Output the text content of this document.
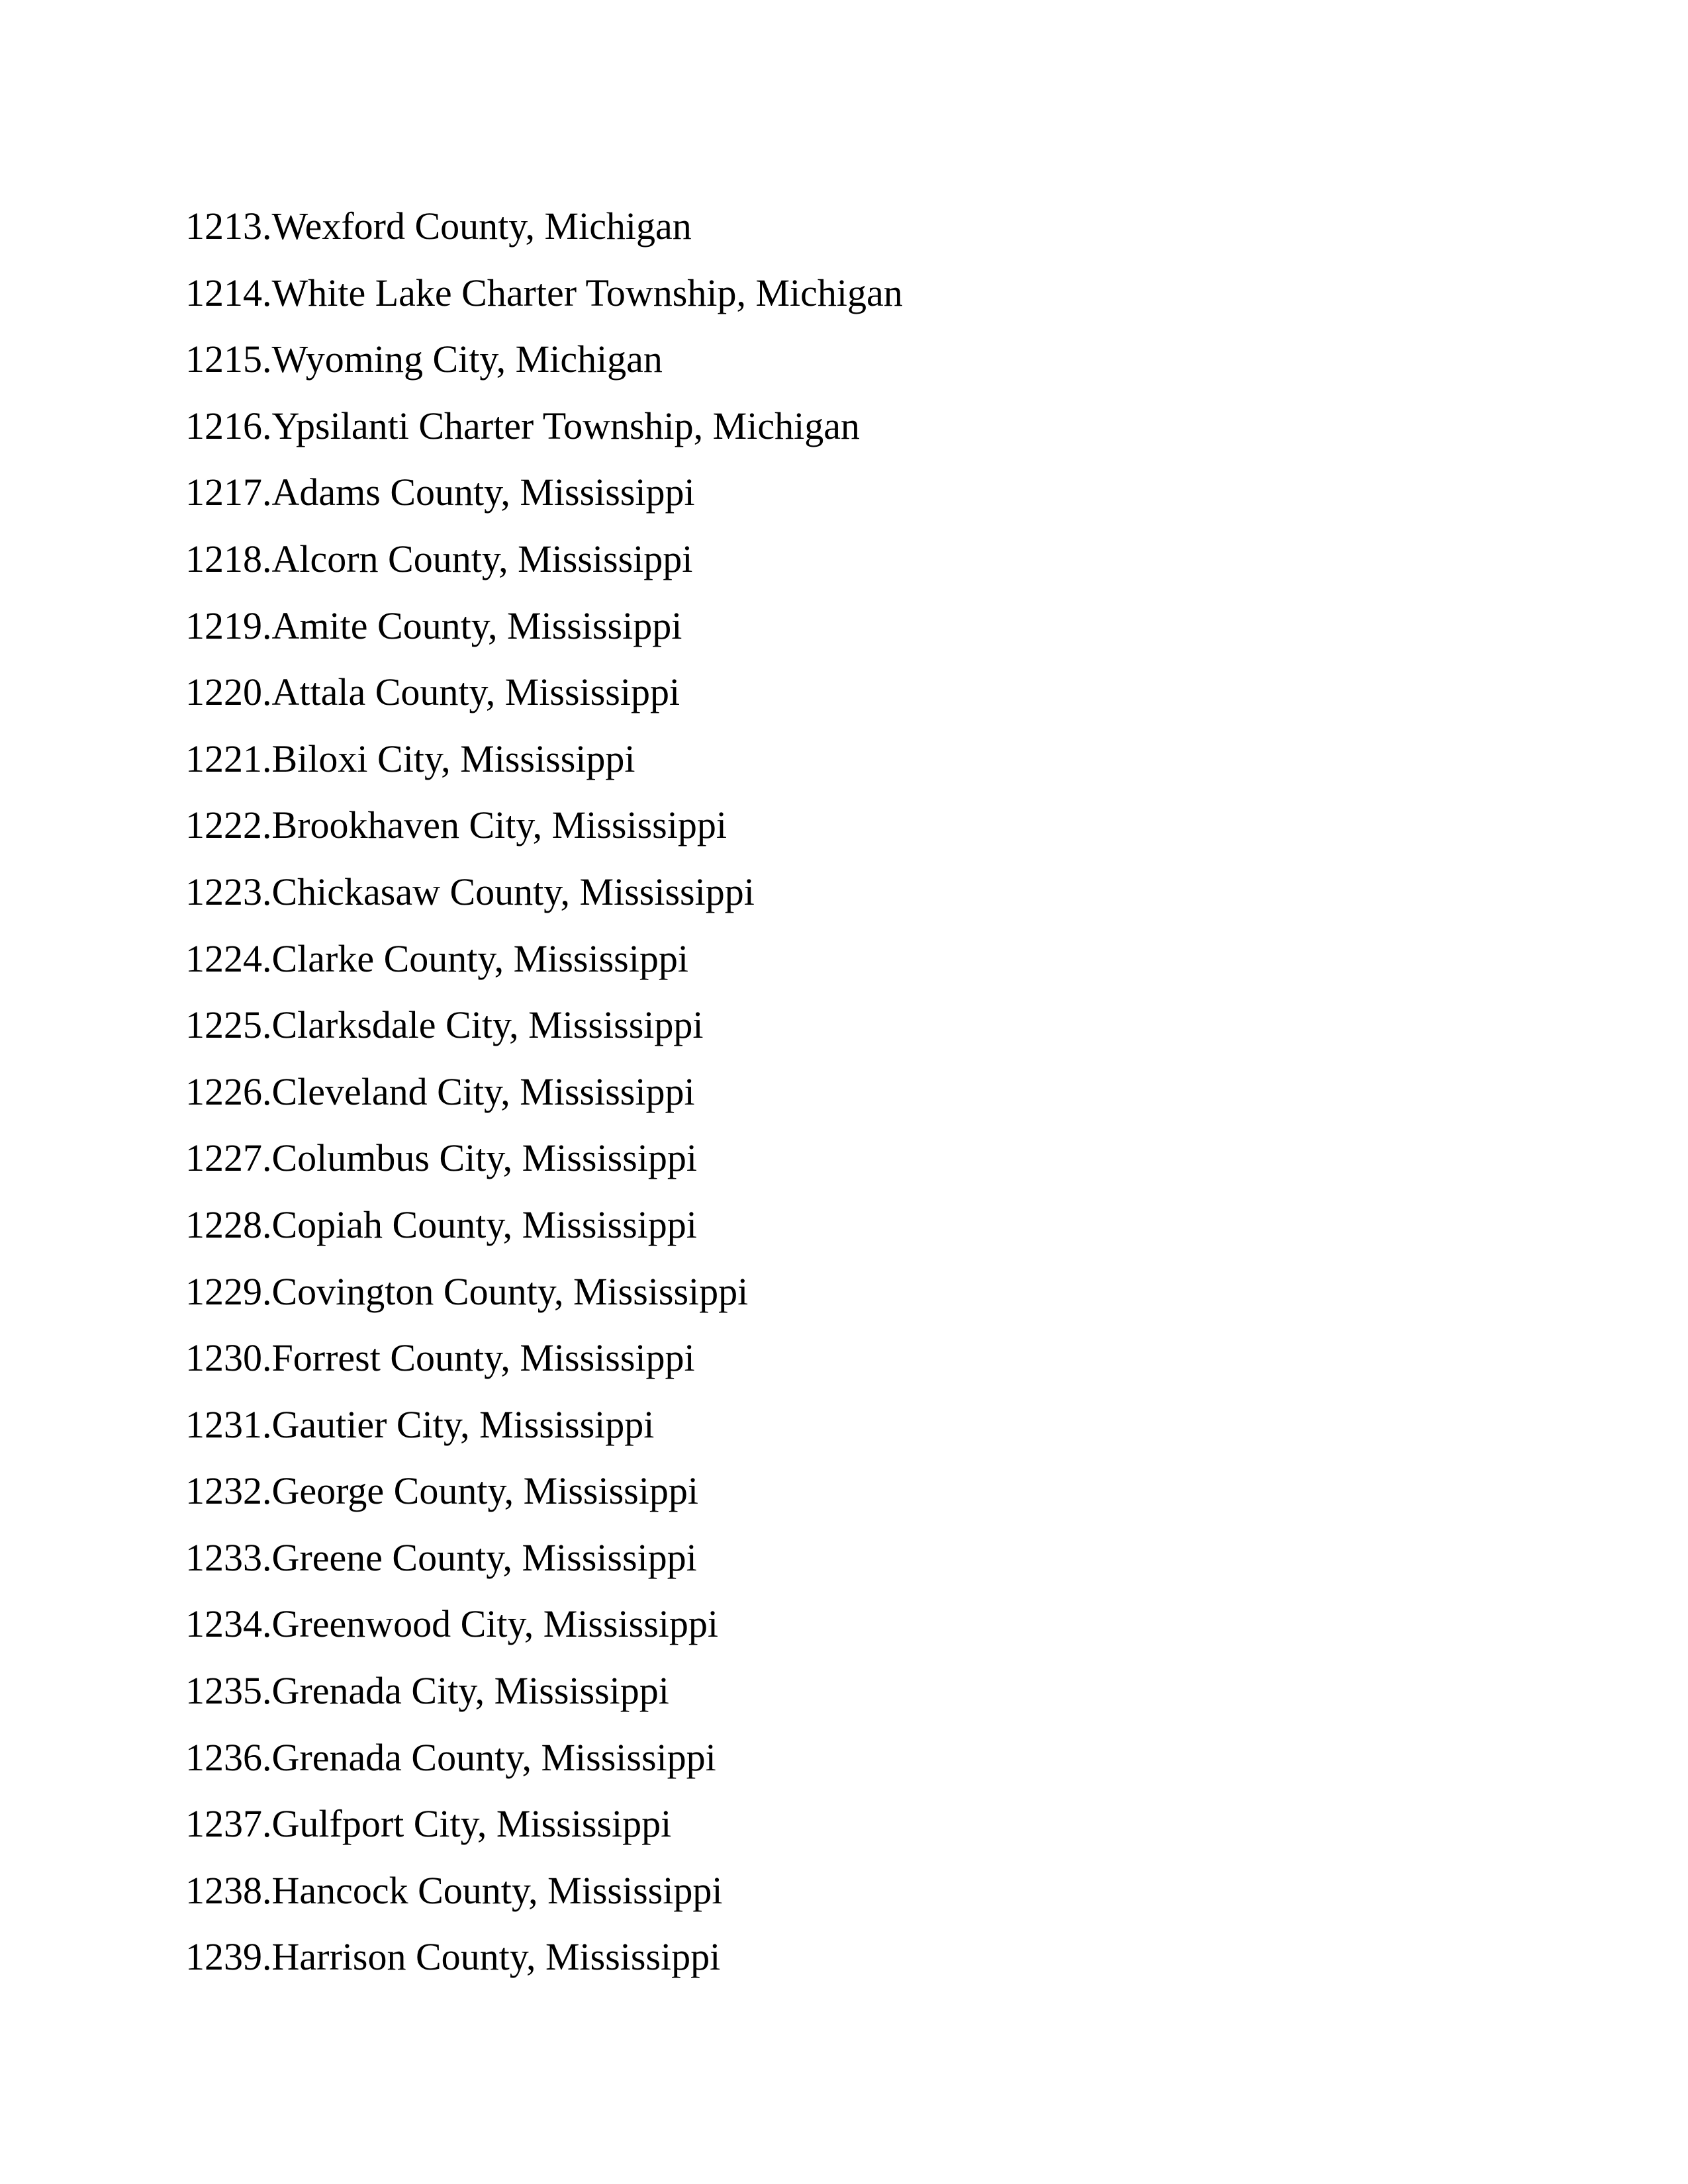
1213.Wexford County, Michigan
1214.White Lake Charter Township, Michigan
1215.Wyoming City, Michigan
1216.Ypsilanti Charter Township, Michigan
1217.Adams County, Mississippi
1218.Alcorn County, Mississippi
1219.Amite County, Mississippi
1220.Attala County, Mississippi
1221.Biloxi City, Mississippi
1222.Brookhaven City, Mississippi
1223.Chickasaw County, Mississippi
1224.Clarke County, Mississippi
1225.Clarksdale City, Mississippi
1226.Cleveland City, Mississippi
1227.Columbus City, Mississippi
1228.Copiah County, Mississippi
1229.Covington County, Mississippi
1230.Forrest County, Mississippi
1231.Gautier City, Mississippi
1232.George County, Mississippi
1233.Greene County, Mississippi
1234.Greenwood City, Mississippi
1235.Grenada City, Mississippi
1236.Grenada County, Mississippi
1237.Gulfport City, Mississippi
1238.Hancock County, Mississippi
1239.Harrison County, Mississippi
